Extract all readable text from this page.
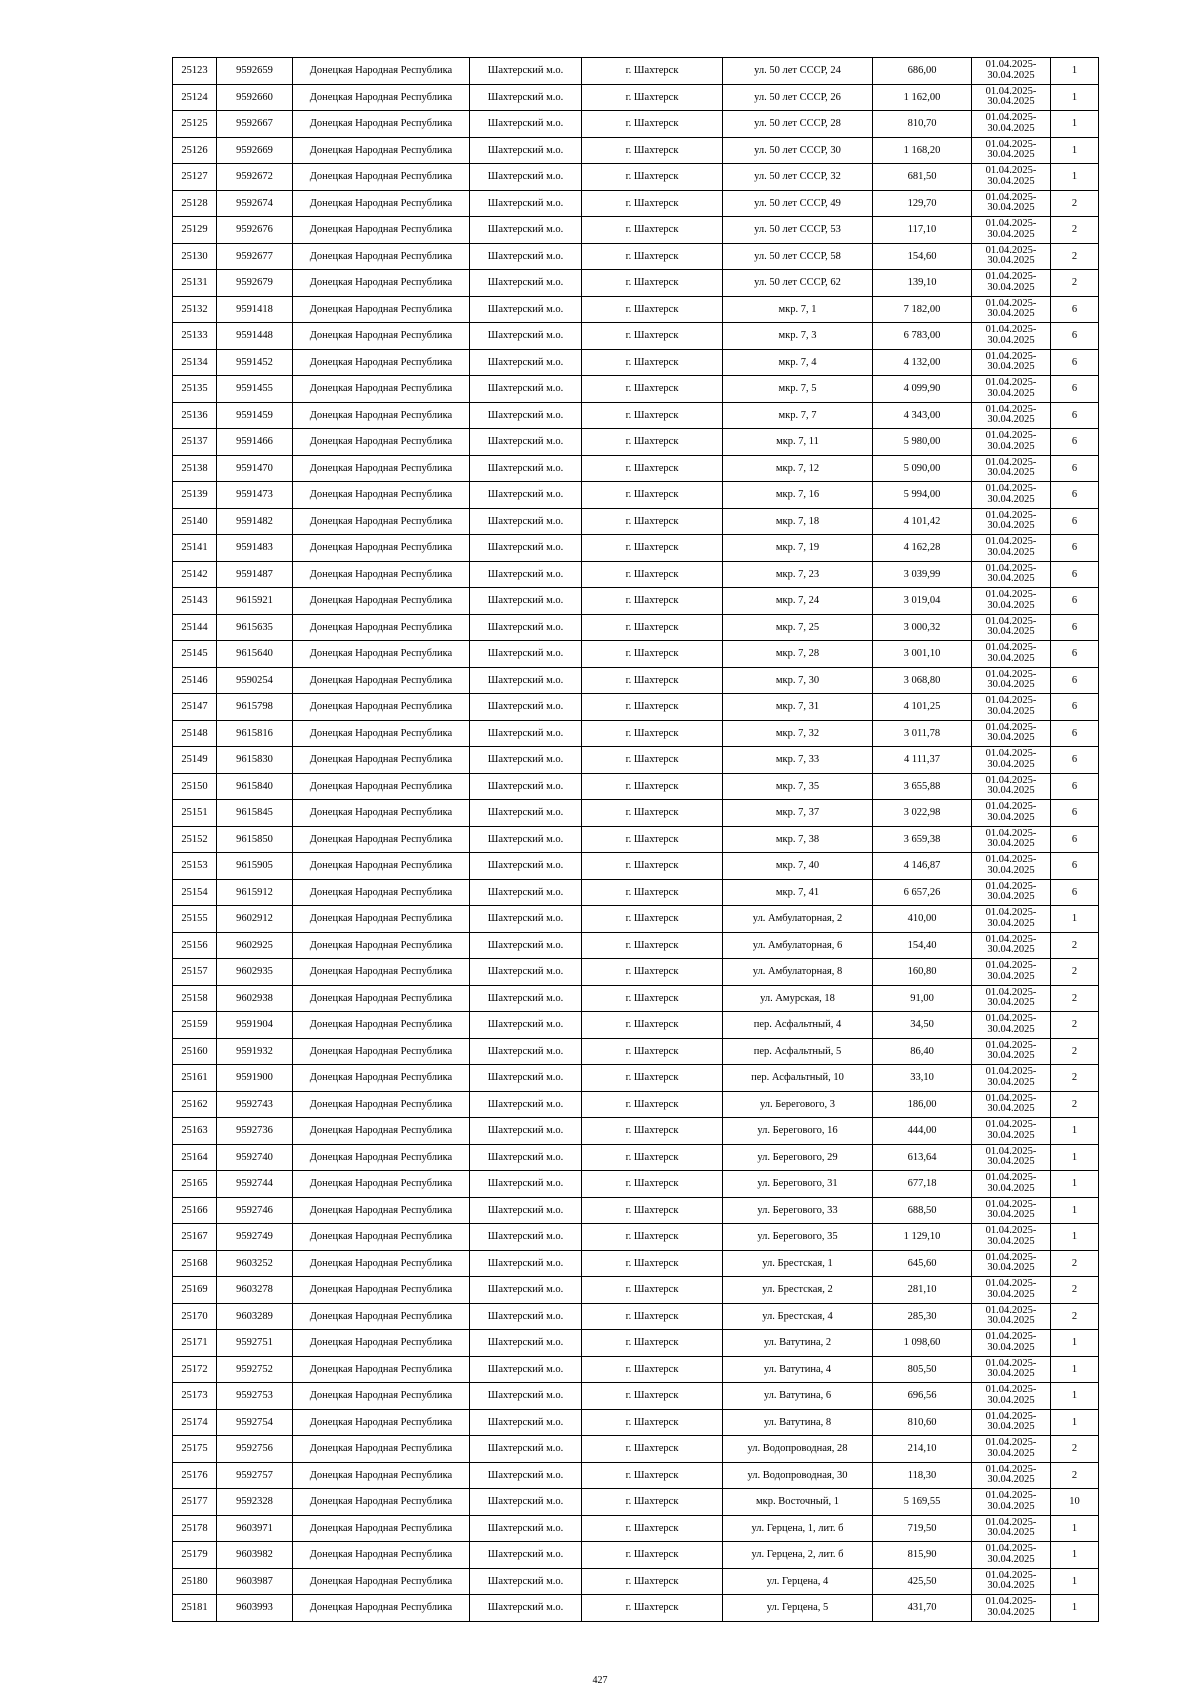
25123	9592659	Донецкая Народная Республика	Шахтерский м.о.	г. Шахтерск	ул. 50 лет СССР, 24	686,00	01.04.2025-30.04.2025	1
25124	9592660	Донецкая Народная Республика	Шахтерский м.о.	г. Шахтерск	ул. 50 лет СССР, 26	1 162,00	01.04.2025-30.04.2025	1
25125	9592667	Донецкая Народная Республика	Шахтерский м.о.	г. Шахтерск	ул. 50 лет СССР, 28	810,70	01.04.2025-30.04.2025	1
25126	9592669	Донецкая Народная Республика	Шахтерский м.о.	г. Шахтерск	ул. 50 лет СССР, 30	1 168,20	01.04.2025-30.04.2025	1
25127	9592672	Донецкая Народная Республика	Шахтерский м.о.	г. Шахтерск	ул. 50 лет СССР, 32	681,50	01.04.2025-30.04.2025	1
25128	9592674	Донецкая Народная Республика	Шахтерский м.о.	г. Шахтерск	ул. 50 лет СССР, 49	129,70	01.04.2025-30.04.2025	2
25129	9592676	Донецкая Народная Республика	Шахтерский м.о.	г. Шахтерск	ул. 50 лет СССР, 53	117,10	01.04.2025-30.04.2025	2
25130	9592677	Донецкая Народная Республика	Шахтерский м.о.	г. Шахтерск	ул. 50 лет СССР, 58	154,60	01.04.2025-30.04.2025	2
25131	9592679	Донецкая Народная Республика	Шахтерский м.о.	г. Шахтерск	ул. 50 лет СССР, 62	139,10	01.04.2025-30.04.2025	2
25132	9591418	Донецкая Народная Республика	Шахтерский м.о.	г. Шахтерск	мкр. 7, 1	7 182,00	01.04.2025-30.04.2025	6
25133	9591448	Донецкая Народная Республика	Шахтерский м.о.	г. Шахтерск	мкр. 7, 3	6 783,00	01.04.2025-30.04.2025	6
25134	9591452	Донецкая Народная Республика	Шахтерский м.о.	г. Шахтерск	мкр. 7, 4	4 132,00	01.04.2025-30.04.2025	6
25135	9591455	Донецкая Народная Республика	Шахтерский м.о.	г. Шахтерск	мкр. 7, 5	4 099,90	01.04.2025-30.04.2025	6
25136	9591459	Донецкая Народная Республика	Шахтерский м.о.	г. Шахтерск	мкр. 7, 7	4 343,00	01.04.2025-30.04.2025	6
25137	9591466	Донецкая Народная Республика	Шахтерский м.о.	г. Шахтерск	мкр. 7, 11	5 980,00	01.04.2025-30.04.2025	6
25138	9591470	Донецкая Народная Республика	Шахтерский м.о.	г. Шахтерск	мкр. 7, 12	5 090,00	01.04.2025-30.04.2025	6
25139	9591473	Донецкая Народная Республика	Шахтерский м.о.	г. Шахтерск	мкр. 7, 16	5 994,00	01.04.2025-30.04.2025	6
25140	9591482	Донецкая Народная Республика	Шахтерский м.о.	г. Шахтерск	мкр. 7, 18	4 101,42	01.04.2025-30.04.2025	6
25141	9591483	Донецкая Народная Республика	Шахтерский м.о.	г. Шахтерск	мкр. 7, 19	4 162,28	01.04.2025-30.04.2025	6
25142	9591487	Донецкая Народная Республика	Шахтерский м.о.	г. Шахтерск	мкр. 7, 23	3 039,99	01.04.2025-30.04.2025	6
25143	9615921	Донецкая Народная Республика	Шахтерский м.о.	г. Шахтерск	мкр. 7, 24	3 019,04	01.04.2025-30.04.2025	6
25144	9615635	Донецкая Народная Республика	Шахтерский м.о.	г. Шахтерск	мкр. 7, 25	3 000,32	01.04.2025-30.04.2025	6
25145	9615640	Донецкая Народная Республика	Шахтерский м.о.	г. Шахтерск	мкр. 7, 28	3 001,10	01.04.2025-30.04.2025	6
25146	9590254	Донецкая Народная Республика	Шахтерский м.о.	г. Шахтерск	мкр. 7, 30	3 068,80	01.04.2025-30.04.2025	6
25147	9615798	Донецкая Народная Республика	Шахтерский м.о.	г. Шахтерск	мкр. 7, 31	4 101,25	01.04.2025-30.04.2025	6
25148	9615816	Донецкая Народная Республика	Шахтерский м.о.	г. Шахтерск	мкр. 7, 32	3 011,78	01.04.2025-30.04.2025	6
25149	9615830	Донецкая Народная Республика	Шахтерский м.о.	г. Шахтерск	мкр. 7, 33	4 111,37	01.04.2025-30.04.2025	6
25150	9615840	Донецкая Народная Республика	Шахтерский м.о.	г. Шахтерск	мкр. 7, 35	3 655,88	01.04.2025-30.04.2025	6
25151	9615845	Донецкая Народная Республика	Шахтерский м.о.	г. Шахтерск	мкр. 7, 37	3 022,98	01.04.2025-30.04.2025	6
25152	9615850	Донецкая Народная Республика	Шахтерский м.о.	г. Шахтерск	мкр. 7, 38	3 659,38	01.04.2025-30.04.2025	6
25153	9615905	Донецкая Народная Республика	Шахтерский м.о.	г. Шахтерск	мкр. 7, 40	4 146,87	01.04.2025-30.04.2025	6
25154	9615912	Донецкая Народная Республика	Шахтерский м.о.	г. Шахтерск	мкр. 7, 41	6 657,26	01.04.2025-30.04.2025	6
25155	9602912	Донецкая Народная Республика	Шахтерский м.о.	г. Шахтерск	ул. Амбулаторная, 2	410,00	01.04.2025-30.04.2025	1
25156	9602925	Донецкая Народная Республика	Шахтерский м.о.	г. Шахтерск	ул. Амбулаторная, 6	154,40	01.04.2025-30.04.2025	2
25157	9602935	Донецкая Народная Республика	Шахтерский м.о.	г. Шахтерск	ул. Амбулаторная, 8	160,80	01.04.2025-30.04.2025	2
25158	9602938	Донецкая Народная Республика	Шахтерский м.о.	г. Шахтерск	ул. Амурская, 18	91,00	01.04.2025-30.04.2025	2
25159	9591904	Донецкая Народная Республика	Шахтерский м.о.	г. Шахтерск	пер. Асфальтный, 4	34,50	01.04.2025-30.04.2025	2
25160	9591932	Донецкая Народная Республика	Шахтерский м.о.	г. Шахтерск	пер. Асфальтный, 5	86,40	01.04.2025-30.04.2025	2
25161	9591900	Донецкая Народная Республика	Шахтерский м.о.	г. Шахтерск	пер. Асфальтный, 10	33,10	01.04.2025-30.04.2025	2
25162	9592743	Донецкая Народная Республика	Шахтерский м.о.	г. Шахтерск	ул. Берегового, 3	186,00	01.04.2025-30.04.2025	2
25163	9592736	Донецкая Народная Республика	Шахтерский м.о.	г. Шахтерск	ул. Берегового, 16	444,00	01.04.2025-30.04.2025	1
25164	9592740	Донецкая Народная Республика	Шахтерский м.о.	г. Шахтерск	ул. Берегового, 29	613,64	01.04.2025-30.04.2025	1
25165	9592744	Донецкая Народная Республика	Шахтерский м.о.	г. Шахтерск	ул. Берегового, 31	677,18	01.04.2025-30.04.2025	1
25166	9592746	Донецкая Народная Республика	Шахтерский м.о.	г. Шахтерск	ул. Берегового, 33	688,50	01.04.2025-30.04.2025	1
25167	9592749	Донецкая Народная Республика	Шахтерский м.о.	г. Шахтерск	ул. Берегового, 35	1 129,10	01.04.2025-30.04.2025	1
25168	9603252	Донецкая Народная Республика	Шахтерский м.о.	г. Шахтерск	ул. Брестская, 1	645,60	01.04.2025-30.04.2025	2
25169	9603278	Донецкая Народная Республика	Шахтерский м.о.	г. Шахтерск	ул. Брестская, 2	281,10	01.04.2025-30.04.2025	2
25170	9603289	Донецкая Народная Республика	Шахтерский м.о.	г. Шахтерск	ул. Брестская, 4	285,30	01.04.2025-30.04.2025	2
25171	9592751	Донецкая Народная Республика	Шахтерский м.о.	г. Шахтерск	ул. Ватутина, 2	1 098,60	01.04.2025-30.04.2025	1
25172	9592752	Донецкая Народная Республика	Шахтерский м.о.	г. Шахтерск	ул. Ватутина, 4	805,50	01.04.2025-30.04.2025	1
25173	9592753	Донецкая Народная Республика	Шахтерский м.о.	г. Шахтерск	ул. Ватутина, 6	696,56	01.04.2025-30.04.2025	1
25174	9592754	Донецкая Народная Республика	Шахтерский м.о.	г. Шахтерск	ул. Ватутина, 8	810,60	01.04.2025-30.04.2025	1
25175	9592756	Донецкая Народная Республика	Шахтерский м.о.	г. Шахтерск	ул. Водопроводная, 28	214,10	01.04.2025-30.04.2025	2
25176	9592757	Донецкая Народная Республика	Шахтерский м.о.	г. Шахтерск	ул. Водопроводная, 30	118,30	01.04.2025-30.04.2025	2
25177	9592328	Донецкая Народная Республика	Шахтерский м.о.	г. Шахтерск	мкр. Восточный, 1	5 169,55	01.04.2025-30.04.2025	10
25178	9603971	Донецкая Народная Республика	Шахтерский м.о.	г. Шахтерск	ул. Герцена, 1, лит. б	719,50	01.04.2025-30.04.2025	1
25179	9603982	Донецкая Народная Республика	Шахтерский м.о.	г. Шахтерск	ул. Герцена, 2, лит. б	815,90	01.04.2025-30.04.2025	1
25180	9603987	Донецкая Народная Республика	Шахтерский м.о.	г. Шахтерск	ул. Герцена, 4	425,50	01.04.2025-30.04.2025	1
25181	9603993	Донецкая Народная Республика	Шахтерский м.о.	г. Шахтерск	ул. Герцена, 5	431,70	01.04.2025-30.04.2025	1
427
